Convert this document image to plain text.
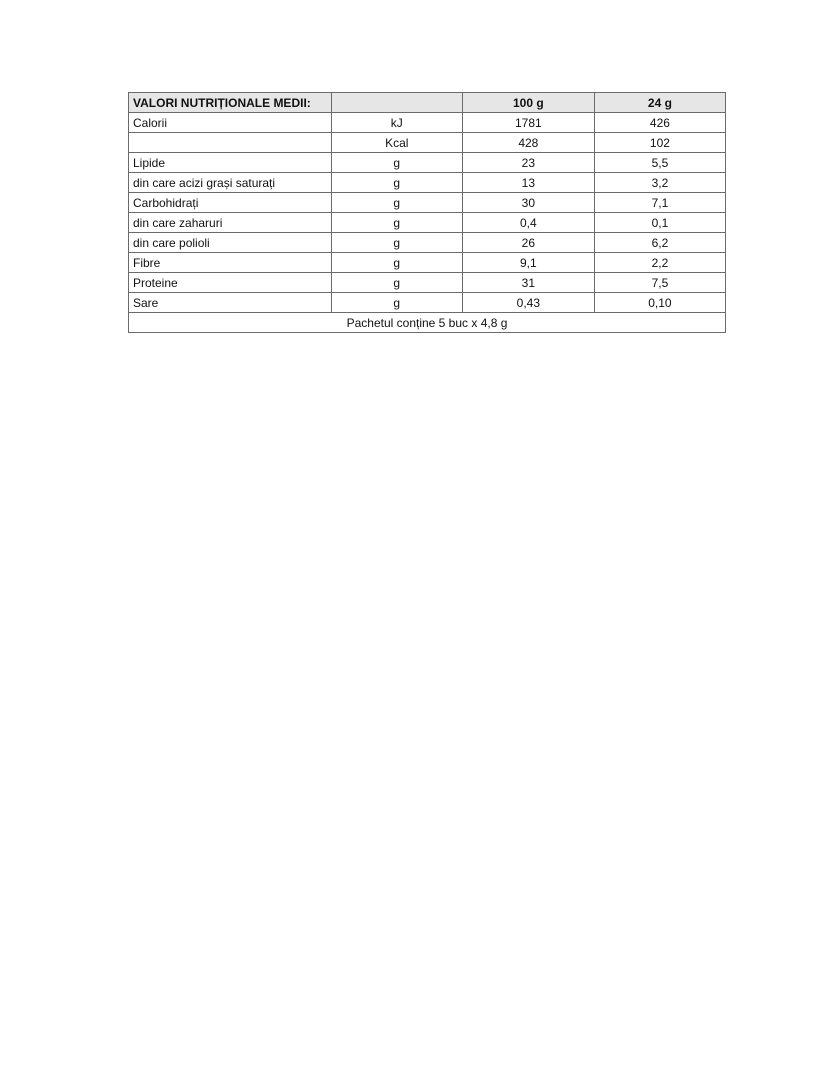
VALORI NUTRIȚIONALE MEDII:		100 g	24 g
Calorii	kJ	1781	426
	Kcal	428	102
Lipide	g	23	5,5
din care acizi grași saturați	g	13	3,2
Carbohidrați	g	30	7,1
din care zaharuri	g	0,4	0,1
din care polioli	g	26	6,2
Fibre	g	9,1	2,2
Proteine	g	31	7,5
Sare	g	0,43	0,10
Pachetul conține 5 buc x 4,8 g			
